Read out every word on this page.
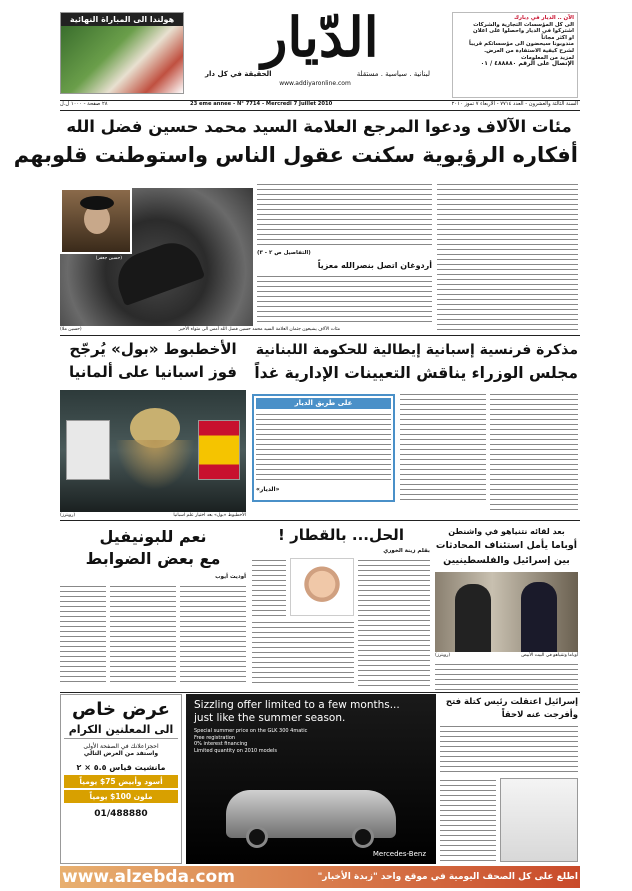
هولندا الى المباراة النهائية	الدّيار
لبنانية . سياسية . مستقلة
الحقيقة في كل دار
www.addiyaronline.com
الآن .. الديار في دبارك
الى كل المؤسسات التجارية والشركات
اشتركوا في الديار واحصلوا على اعلان
او اكثر مجاناً
مندوبونا سيحضون الى مؤسساتكم قريباً
لشرح كيفية الاستفادة من العرض.
لمزيد من المعلومات
الإتصال على الرقم ٤٨٨٨٨٠ / ٠١
23 eme annee - N° 7714 - Mercredi 7 Juillet 2010	السنة الثالثة والعشرون - العدد ٧٧١٤ - الأربعاء ٧ تموز ٢٠١٠
٢٨ صفحة - ١٠٠٠ ل.ل
مئات الآلاف ودعوا المرجع العلامة السيد محمد حسين فضل الله
أفكاره الرؤيوية سكنت عقول الناس واستوطنت قلوبهم
(التفاصيل ص ٢ - ٣)
أردوغان اتصل بنصرالله معزياً
(حسين جعفر)
مئات الآلاف يشيعون جثمان العلامة السيد محمد حسين فضل الله أمس الى مثواه الأخير
(حسين ملا)
مذكرة فرنسية إسبانية إيطالية للحكومة اللبنانية
مجلس الوزراء يناقش التعيينات الإدارية غداً
الأخطبوط «بول» يُرجّح
فوز اسبانيا على ألمانيا
الأخطبوط «بول» بعد اختيار علم اسبانيا
(رويترز)
على طريق الديار
«الديار»
بعد لقائه نتنياهو في واشنطن
أوباما يأمل استئناف المحادثات
بين إسرائيل والفلسطينيين
أوباما ونتنياهو في البيت الأبيض
(رويترز)
الحل... بالقطار !
بقلم زينة الخوري
نعم للبونيفيل
مع بعض الضوابط
أوديت أيوب
عرض خاص
الى المعلنين الكرام
احجزاعلانك في الصفحة الأولى
واستفد من العرض التالي
مانشيت قياس ٥.٥ × ٢
أسود وأبيض 75$ يومياً
ملون 100$ يومياً
01/488880
Sizzling offer limited to a few months...
just like the summer season.
Special summer price on the GLK 300 4matic
Free registration
0% interest financing
Limited quantity on 2010 models
Mercedes-Benz
إسرائيل اعتقلت رئيس كتلة فتح
وأفرجت عنه لاحقاً
www.alzebda.com	اطلع على كل الصحف اليومية في موقع واحد "زبدة الأخبار"
